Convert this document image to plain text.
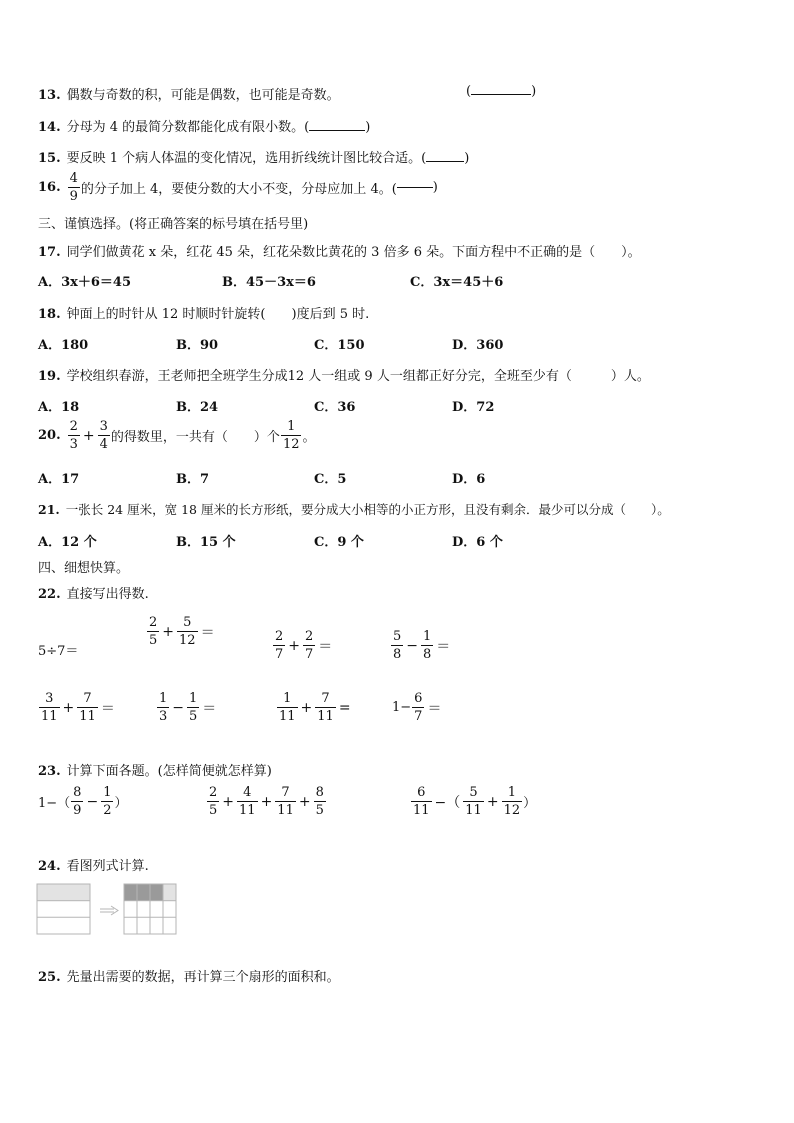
13. 偶数与奇数的积，可能是偶数，也可能是奇数。	(	)
14. 分母为 4 的最简分数都能化成有限小数。(	)
15. 要反映 1 个病人体温的变化情况，选用折线统计图比较合适。(	)
16. $\frac{4}{9}$ 的分子加上 4，要使分数的大小不变，分母应加上 4。(	)
三、谨慎选择。(将正确答案的标号填在括号里)
17. 同学们做黄花 x 朵，红花 45 朵，红花朵数比黄花的 3 倍多 6 朵。下面方程中不正确的是（　　）。
A．3x＋6＝45	B．45－3x＝6	C．3x＝45＋6
18. 钟面上的时针从 12 时顺时针旋转(　　)度后到 5 时.
A．180	B．90	C．150	D．360
19. 学校组织春游，王老师把全班学生分成12 人一组或 9 人一组都正好分完，全班至少有（　　　）人。
A．18	B．24	C．36	D．72
20. $\frac{2}{3} + \frac{3}{4}$ 的得数里，一共有（　　）个 $\frac{1}{12}$ 。
A．17	B．7	C．5	D．6
21. 一张长 24 厘米，宽 18 厘米的长方形纸，要分成大小相等的小正方形，且没有剩余．最少可以分成（　　）。
A．12 个	B．15 个	C．9 个	D．6 个
四、细想快算。
22. 直接写出得数.
5÷7＝
$\frac{2}{5} + \frac{5}{12}$ ＝	$\frac{2}{7} + \frac{2}{7}$ ＝	$\frac{5}{8} - \frac{1}{8}$ ＝
$\frac{3}{11} + \frac{7}{11}$ ＝	$\frac{1}{3} - \frac{1}{5}$ ＝	$\frac{1}{11} + \frac{7}{11}$ =	$1- \frac{6}{7}$ ＝
23. 计算下面各题。(怎样简便就怎样算)
$1-( \frac{8}{9} - \frac{1}{2}$ ）	$\frac{2}{5} + \frac{4}{11} + \frac{7}{11} + \frac{8}{5}$	$\frac{6}{11}$ −（ $\frac{5}{11} + \frac{1}{12}$ ）
24. 看图列式计算.
25. 先量出需要的数据，再计算三个扇形的面积和。
